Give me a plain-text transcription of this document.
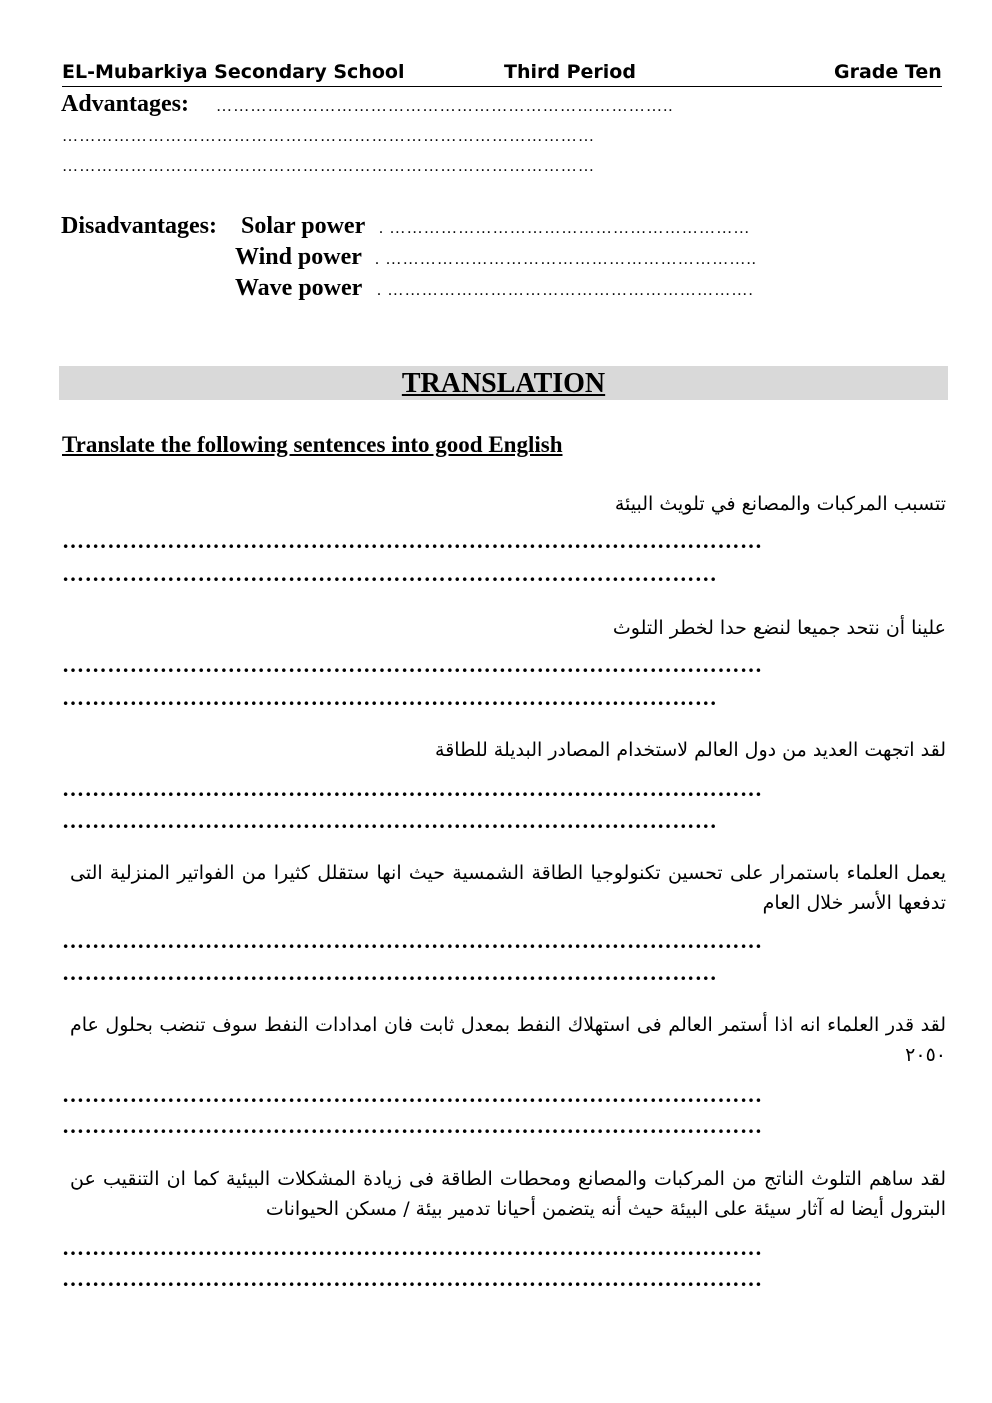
EL-Mubarkiya Secondary School	Third Period	Grade Ten
Advantages: ……………………………………………………………………..
…………………………………………………………………………………
…………………………………………………………………………………
Disadvantages: Solar power . ………………………………………………………
Wind power . ………………………………………………………..
Wave power . ……………………………………………………….
TRANSLATION
Translate the following sentences into good English
تتسبب المركبات والمصانع في تلويث البيئة
…………………………………………………………………………………
……………………………………………………………………………
علينا أن نتحد جميعا لنضع حدا لخطر التلوث
…………………………………………………………………………………
……………………………………………………………………………
لقد اتجهت العديد من دول العالم لاستخدام المصادر البديلة للطاقة
…………………………………………………………………………………
……………………………………………………………………………
يعمل العلماء باستمرار على تحسين تكنولوجيا الطاقة الشمسية حيث انها ستقلل كثيرا من الفواتير المنزلية التى تدفعها الأسر خلال العام
…………………………………………………………………………………
……………………………………………………………………………
لقد قدر العلماء انه اذا أستمر العالم فى استهلاك النفط بمعدل ثابت فان امدادات النفط سوف تنضب بحلول عام ٢٠٥٠
…………………………………………………………………………………
…………………………………………………………………………………
لقد ساهم التلوث الناتج من المركبات والمصانع ومحطات الطاقة فى زيادة المشكلات البيئية كما ان التنقيب عن البترول أيضا له آثار سيئة على البيئة حيث أنه يتضمن أحيانا تدمير بيئة / مسكن الحيوانات
…………………………………………………………………………………
…………………………………………………………………………………
